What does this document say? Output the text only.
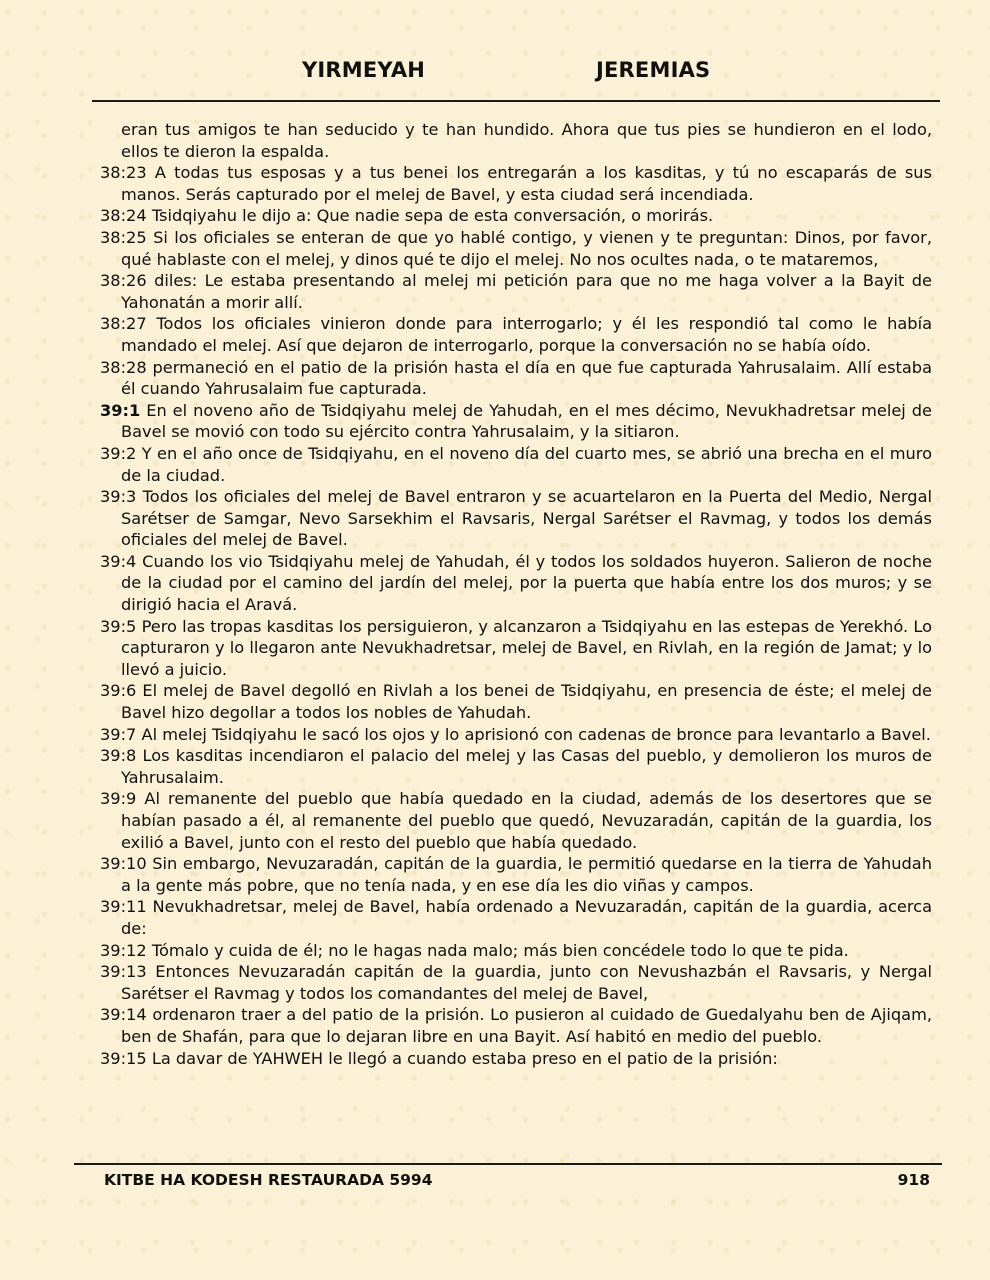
YIRMEYAH	JEREMIAS

eran tus amigos te han seducido y te han hundido. Ahora que tus pies se hundieron en el lodo, ellos te dieron la espalda.

38:23 A todas tus esposas y a tus benei los entregarán a los kasditas, y tú no escaparás de sus manos. Serás capturado por el melej de Bavel, y esta ciudad será incendiada.

38:24 Tsidqiyahu le dijo a: Que nadie sepa de esta conversación, o morirás.

38:25 Si los oficiales se enteran de que yo hablé contigo, y vienen y te preguntan: Dinos, por favor, qué hablaste con el melej, y dinos qué te dijo el melej. No nos ocultes nada, o te mataremos,

38:26 diles: Le estaba presentando al melej mi petición para que no me haga volver a la Bayit de Yahonatán a morir allí.

38:27 Todos los oficiales vinieron donde para interrogarlo; y él les respondió tal como le había mandado el melej. Así que dejaron de interrogarlo, porque la conversación no se había oído.

38:28 permaneció en el patio de la prisión hasta el día en que fue capturada Yahrusalaim. Allí estaba él cuando Yahrusalaim fue capturada.

39:1 En el noveno año de Tsidqiyahu melej de Yahudah, en el mes décimo, Nevukhadretsar melej de Bavel se movió con todo su ejército contra Yahrusalaim, y la sitiaron.

39:2 Y en el año once de Tsidqiyahu, en el noveno día del cuarto mes, se abrió una brecha en el muro de la ciudad.

39:3 Todos los oficiales del melej de Bavel entraron y se acuartelaron en la Puerta del Medio, Nergal Sarétser de Samgar, Nevo Sarsekhim el Ravsaris, Nergal Sarétser el Ravmag, y todos los demás oficiales del melej de Bavel.

39:4 Cuando los vio Tsidqiyahu melej de Yahudah, él y todos los soldados huyeron. Salieron de noche de la ciudad por el camino del jardín del melej, por la puerta que había entre los dos muros; y se dirigió hacia el Aravá.

39:5 Pero las tropas kasditas los persiguieron, y alcanzaron a Tsidqiyahu en las estepas de Yerekhó. Lo capturaron y lo llegaron ante Nevukhadretsar, melej de Bavel, en Rivlah, en la región de Jamat; y lo llevó a juicio.

39:6 El melej de Bavel degolló en Rivlah a los benei de Tsidqiyahu, en presencia de éste; el melej de Bavel hizo degollar a todos los nobles de Yahudah.

39:7 Al melej Tsidqiyahu le sacó los ojos y lo aprisionó con cadenas de bronce para levantarlo a Bavel.

39:8 Los kasditas incendiaron el palacio del melej y las Casas del pueblo, y demolieron los muros de Yahrusalaim.

39:9 Al remanente del pueblo que había quedado en la ciudad, además de los desertores que se habían pasado a él, al remanente del pueblo que quedó, Nevuzaradán, capitán de la guardia, los exilió a Bavel, junto con el resto del pueblo que había quedado.

39:10 Sin embargo, Nevuzaradán, capitán de la guardia, le permitió quedarse en la tierra de Yahudah a la gente más pobre, que no tenía nada, y en ese día les dio viñas y campos.

39:11 Nevukhadretsar, melej de Bavel, había ordenado a Nevuzaradán, capitán de la guardia, acerca de:

39:12 Tómalo y cuida de él; no le hagas nada malo; más bien concédele todo lo que te pida.

39:13 Entonces Nevuzaradán capitán de la guardia, junto con Nevushazbán el Ravsaris, y Nergal Sarétser el Ravmag y todos los comandantes del melej de Bavel,

39:14 ordenaron traer a del patio de la prisión. Lo pusieron al cuidado de Guedalyahu ben de Ajiqam, ben de Shafán, para que lo dejaran libre en una Bayit. Así habitó en medio del pueblo.

39:15 La davar de YAHWEH le llegó a cuando estaba preso en el patio de la prisión:

KITBE HA KODESH RESTAURADA 5994	918
